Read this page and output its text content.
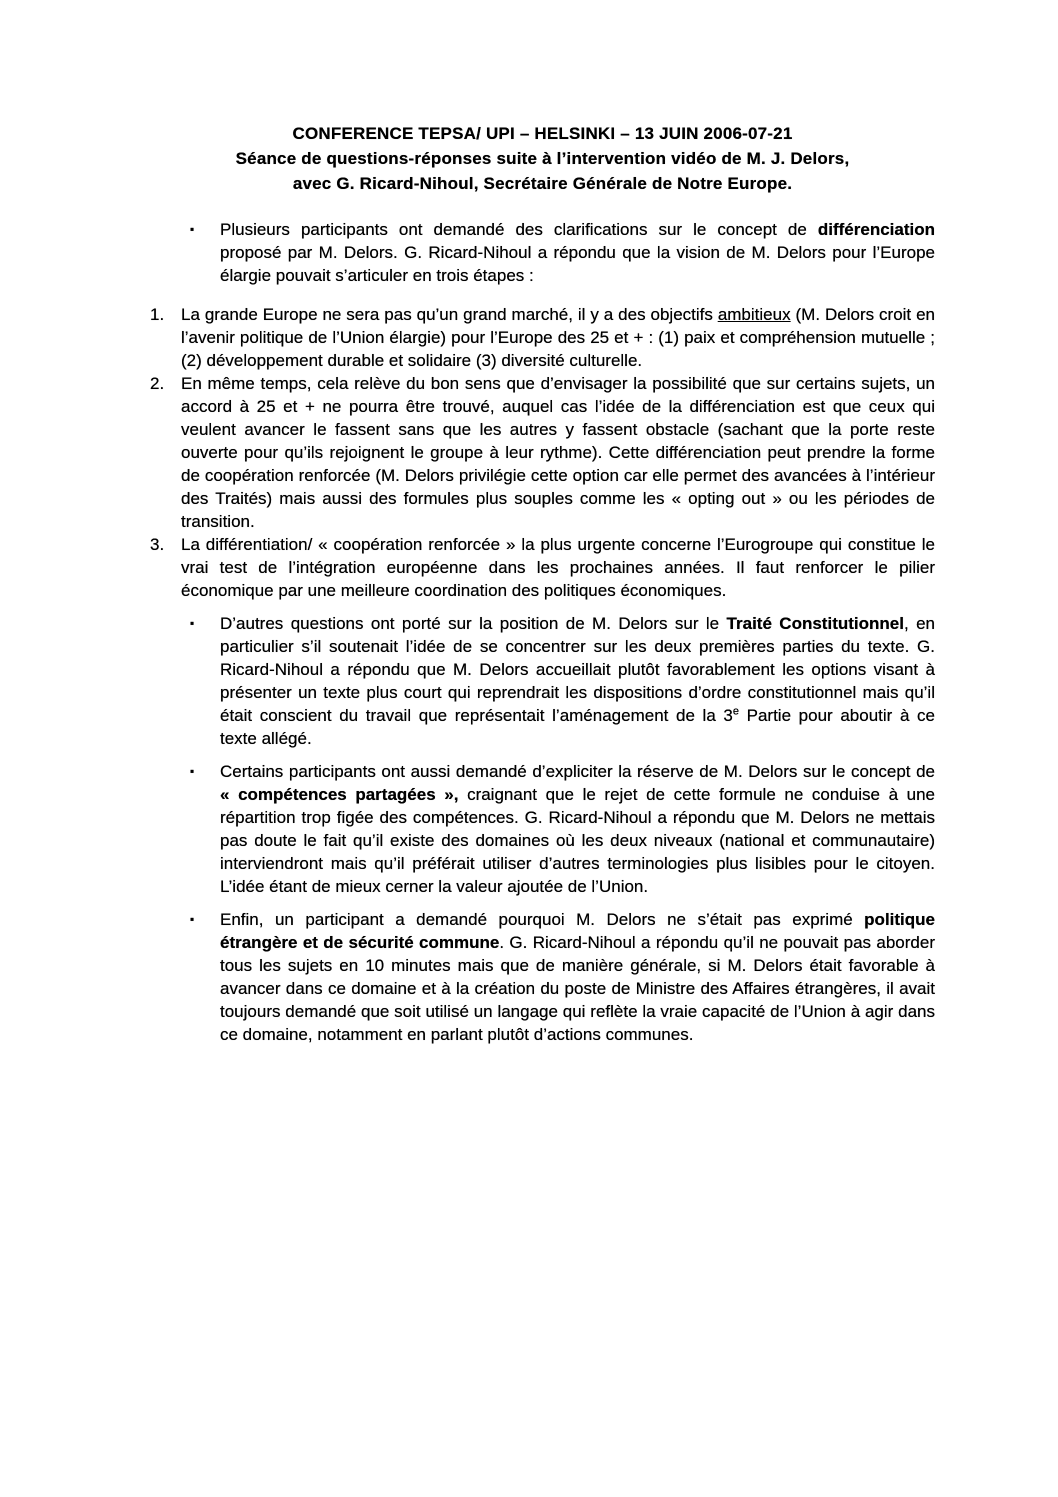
CONFERENCE TEPSA/ UPI – HELSINKI – 13 JUIN 2006-07-21
Séance de questions-réponses suite à l’intervention vidéo de M. J. Delors,
avec G. Ricard-Nihoul, Secrétaire Générale de Notre Europe.
▪	Plusieurs participants ont demandé des clarifications sur le concept de différenciation proposé par M. Delors. G. Ricard-Nihoul a répondu que la vision de M. Delors pour l’Europe élargie pouvait s’articuler en trois étapes :

1. La grande Europe ne sera pas qu’un grand marché, il y a des objectifs ambitieux (M. Delors croit en l’avenir politique de l’Union élargie) pour l’Europe des 25 et + : (1) paix et compréhension mutuelle ; (2) développement durable et solidaire (3) diversité culturelle.

2. En même temps, cela relève du bon sens que d’envisager la possibilité que sur certains sujets, un accord à 25 et + ne pourra être trouvé, auquel cas l’idée de la différenciation est que ceux qui veulent avancer le fassent sans que les autres y fassent obstacle (sachant que la porte reste ouverte pour qu’ils rejoignent le groupe à leur rythme). Cette différenciation peut prendre la forme de coopération renforcée (M. Delors privilégie cette option car elle permet des avancées à l’intérieur des Traités) mais aussi des formules plus souples comme les « opting out » ou les périodes de transition.

3. La différentiation/ « coopération renforcée » la plus urgente concerne l’Eurogroupe qui constitue le vrai test de l’intégration européenne dans les prochaines années. Il faut renforcer le pilier économique par une meilleure coordination des politiques économiques.

▪	D’autres questions ont porté sur la position de M. Delors sur le Traité Constitutionnel, en particulier s’il soutenait l’idée de se concentrer sur les deux premières parties du texte. G. Ricard-Nihoul a répondu que M. Delors accueillait plutôt favorablement les options visant à présenter un texte plus court qui reprendrait les dispositions d’ordre constitutionnel mais qu’il était conscient du travail que représentait l’aménagement de la 3e Partie pour aboutir à ce texte allégé.

▪	Certains participants ont aussi demandé d’expliciter la réserve de M. Delors sur le concept de « compétences partagées », craignant que le rejet de cette formule ne conduise à une répartition trop figée des compétences. G. Ricard-Nihoul a répondu que M. Delors ne mettais pas doute le fait qu’il existe des domaines où les deux niveaux (national et communautaire) interviendront mais qu’il préférait utiliser d’autres terminologies plus lisibles pour le citoyen. L’idée étant de mieux cerner la valeur ajoutée de l’Union.

▪	Enfin, un participant a demandé pourquoi M. Delors ne s’était pas exprimé politique étrangère et de sécurité commune. G. Ricard-Nihoul a répondu qu’il ne pouvait pas aborder tous les sujets en 10 minutes mais que de manière générale, si M. Delors était favorable à avancer dans ce domaine et à la création du poste de Ministre des Affaires étrangères, il avait toujours demandé que soit utilisé un langage qui reflète la vraie capacité de l’Union à agir dans ce domaine, notamment en parlant plutôt d’actions communes.
